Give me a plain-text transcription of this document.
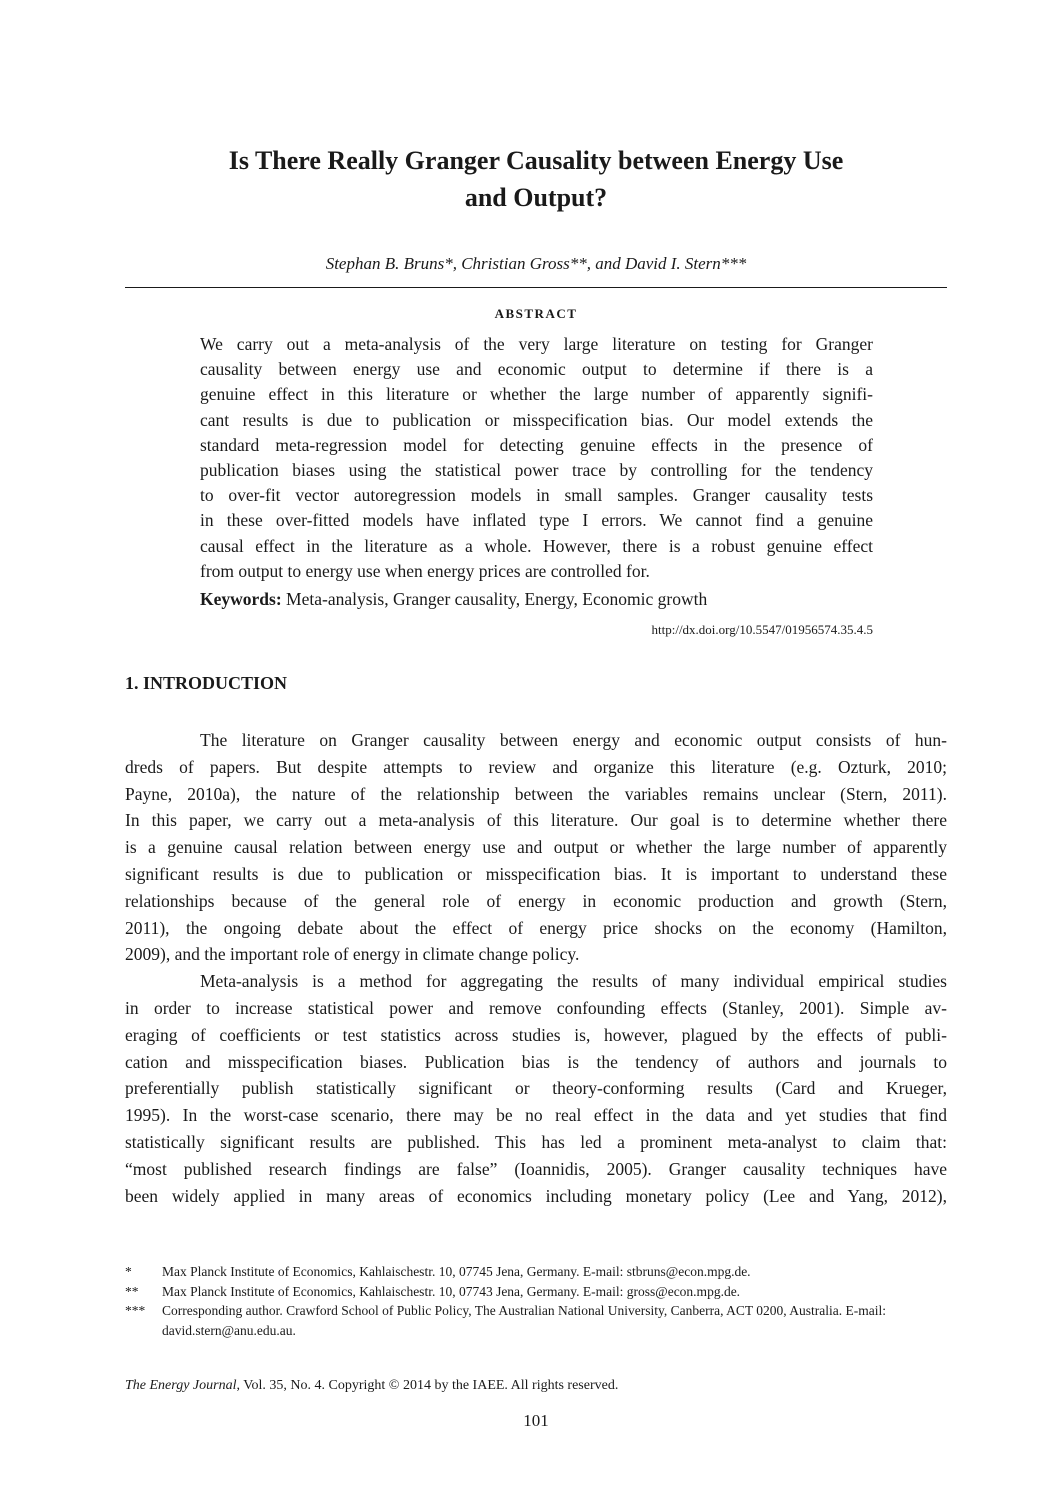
Is There Really Granger Causality between Energy Use
and Output?
Stephan B. Bruns*, Christian Gross**, and David I. Stern***
ABSTRACT
We carry out a meta-analysis of the very large literature on testing for Granger
causality between energy use and economic output to determine if there is a
genuine effect in this literature or whether the large number of apparently signifi-
cant results is due to publication or misspecification bias. Our model extends the
standard meta-regression model for detecting genuine effects in the presence of
publication biases using the statistical power trace by controlling for the tendency
to over-fit vector autoregression models in small samples. Granger causality tests
in these over-fitted models have inflated type I errors. We cannot find a genuine
causal effect in the literature as a whole. However, there is a robust genuine effect
from output to energy use when energy prices are controlled for.
Keywords: Meta-analysis, Granger causality, Energy, Economic growth
http://dx.doi.org/10.5547/01956574.35.4.5
1. INTRODUCTION
The literature on Granger causality between energy and economic output consists of hun-
dreds of papers. But despite attempts to review and organize this literature (e.g. Ozturk, 2010;
Payne, 2010a), the nature of the relationship between the variables remains unclear (Stern, 2011).
In this paper, we carry out a meta-analysis of this literature. Our goal is to determine whether there
is a genuine causal relation between energy use and output or whether the large number of apparently
significant results is due to publication or misspecification bias. It is important to understand these
relationships because of the general role of energy in economic production and growth (Stern,
2011), the ongoing debate about the effect of energy price shocks on the economy (Hamilton,
2009), and the important role of energy in climate change policy.
Meta-analysis is a method for aggregating the results of many individual empirical studies
in order to increase statistical power and remove confounding effects (Stanley, 2001). Simple av-
eraging of coefficients or test statistics across studies is, however, plagued by the effects of publi-
cation and misspecification biases. Publication bias is the tendency of authors and journals to
preferentially publish statistically significant or theory-conforming results (Card and Krueger,
1995). In the worst-case scenario, there may be no real effect in the data and yet studies that find
statistically significant results are published. This has led a prominent meta-analyst to claim that:
“most published research findings are false” (Ioannidis, 2005). Granger causality techniques have
been widely applied in many areas of economics including monetary policy (Lee and Yang, 2012),
*	Max Planck Institute of Economics, Kahlaischestr. 10, 07745 Jena, Germany. E-mail: stbruns@econ.mpg.de.
**	Max Planck Institute of Economics, Kahlaischestr. 10, 07743 Jena, Germany. E-mail: gross@econ.mpg.de.
***	Corresponding author. Crawford School of Public Policy, The Australian National University, Canberra, ACT 0200, Australia. E-mail: david.stern@anu.edu.au.
The Energy Journal, Vol. 35, No. 4. Copyright © 2014 by the IAEE. All rights reserved.
101
